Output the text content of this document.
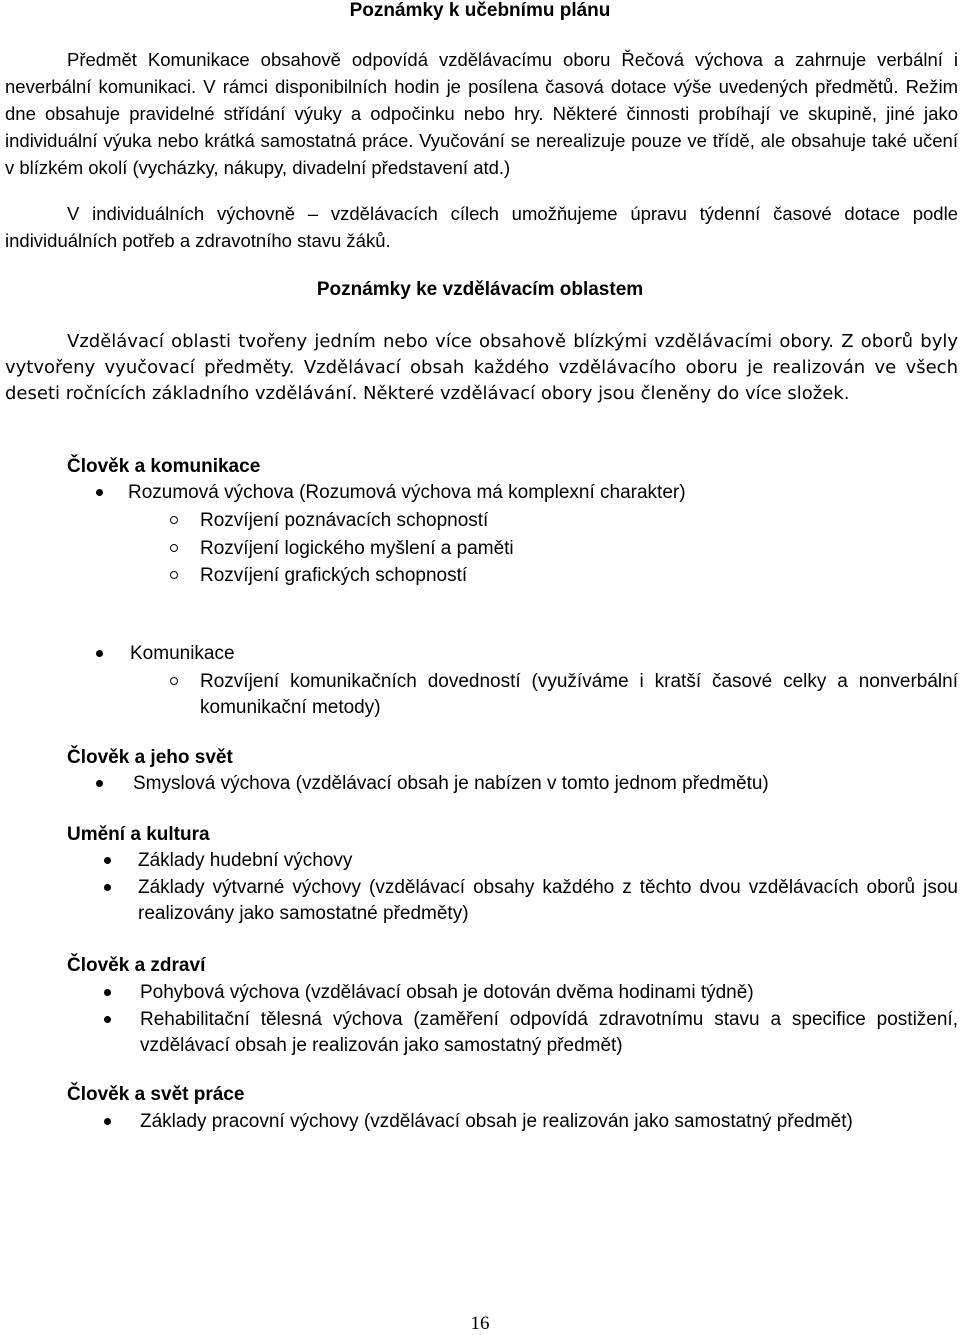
Poznámky k učebnímu plánu

Předmět Komunikace obsahově odpovídá vzdělávacímu oboru Řečová výchova a zahrnuje verbální i neverbální komunikaci. V rámci disponibilních hodin je posílena časová dotace výše uvedených předmětů. Režim dne obsahuje pravidelné střídání výuky a odpočinku nebo hry. Některé činnosti probíhají ve skupině, jiné jako individuální výuka nebo krátká samostatná práce. Vyučování se nerealizuje pouze ve třídě, ale obsahuje také učení v blízkém okolí (vycházky, nákupy, divadelní představení atd.)

V individuálních výchovně – vzdělávacích cílech umožňujeme úpravu týdenní časové dotace podle individuálních potřeb a zdravotního stavu žáků.

Poznámky ke vzdělávacím oblastem

Vzdělávací oblasti tvořeny jedním nebo více obsahově blízkými vzdělávacími obory. Z oborů byly vytvořeny vyučovací předměty. Vzdělávací obsah každého vzdělávacího oboru je realizován ve všech deseti ročnících základního vzdělávání. Některé vzdělávací obory jsou členěny do více složek.

Člověk a komunikace
Rozumová výchova (Rozumová výchova má komplexní charakter)
Rozvíjení poznávacích schopností
Rozvíjení logického myšlení a paměti
Rozvíjení grafických schopností
Komunikace
Rozvíjení komunikačních dovedností (využíváme i kratší časové celky a nonverbální komunikační metody)
Člověk a jeho svět
Smyslová výchova (vzdělávací obsah je nabízen v tomto jednom předmětu)
Umění a kultura
Základy hudební výchovy
Základy výtvarné výchovy (vzdělávací obsahy každého z těchto dvou vzdělávacích oborů jsou realizovány jako samostatné předměty)
Člověk a zdraví
Pohybová výchova (vzdělávací obsah je dotován dvěma hodinami týdně)
Rehabilitační tělesná výchova (zaměření odpovídá zdravotnímu stavu a specifice postižení, vzdělávací obsah je realizován jako samostatný předmět)
Člověk a svět práce
Základy pracovní výchovy (vzdělávací obsah je realizován jako samostatný předmět)
16
